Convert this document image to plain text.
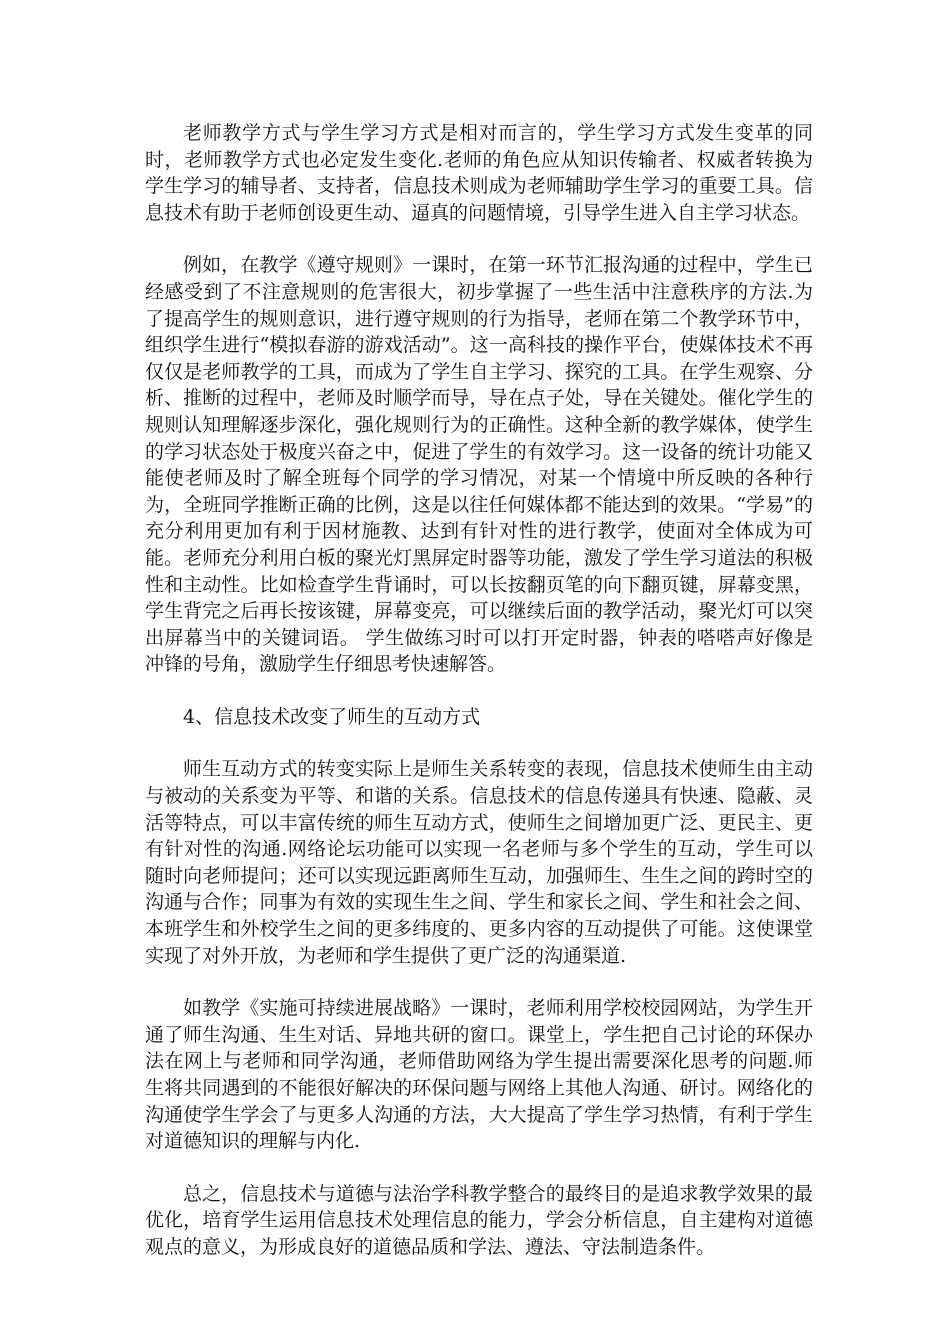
老师教学方式与学生学习方式是相对而言的，学生学习方式发生变革的同时，老师教学方式也必定发生变化.老师的角色应从知识传输者、权威者转换为学生学习的辅导者、支持者，信息技术则成为老师辅助学生学习的重要工具。信息技术有助于老师创设更生动、逼真的问题情境，引导学生进入自主学习状态。

例如，在教学《遵守规则》一课时，在第一环节汇报沟通的过程中，学生已经感受到了不注意规则的危害很大，初步掌握了一些生活中注意秩序的方法.为了提高学生的规则意识，进行遵守规则的行为指导，老师在第二个教学环节中，组织学生进行“模拟春游的游戏活动”。这一高科技的操作平台，使媒体技术不再仅仅是老师教学的工具，而成为了学生自主学习、探究的工具。在学生观察、分析、推断的过程中，老师及时顺学而导，导在点子处，导在关键处。催化学生的规则认知理解逐步深化，强化规则行为的正确性。这种全新的教学媒体，使学生的学习状态处于极度兴奋之中，促进了学生的有效学习。这一设备的统计功能又能使老师及时了解全班每个同学的学习情况，对某一个情境中所反映的各种行为，全班同学推断正确的比例，这是以往任何媒体都不能达到的效果。“学易”的充分利用更加有利于因材施教、达到有针对性的进行教学，使面对全体成为可能。老师充分利用白板的聚光灯黑屏定时器等功能，激发了学生学习道法的积极性和主动性。比如检查学生背诵时，可以长按翻页笔的向下翻页键，屏幕变黑，学生背完之后再长按该键，屏幕变亮，可以继续后面的教学活动，聚光灯可以突出屏幕当中的关键词语。 学生做练习时可以打开定时器，钟表的嗒嗒声好像是冲锋的号角，激励学生仔细思考快速解答。

4、信息技术改变了师生的互动方式

师生互动方式的转变实际上是师生关系转变的表现，信息技术使师生由主动与被动的关系变为平等、和谐的关系。信息技术的信息传递具有快速、隐蔽、灵活等特点，可以丰富传统的师生互动方式，使师生之间增加更广泛、更民主、更有针对性的沟通.网络论坛功能可以实现一名老师与多个学生的互动，学生可以随时向老师提问；还可以实现远距离师生互动，加强师生、生生之间的跨时空的沟通与合作；同事为有效的实现生生之间、学生和家长之间、学生和社会之间、本班学生和外校学生之间的更多纬度的、更多内容的互动提供了可能。这使课堂实现了对外开放，为老师和学生提供了更广泛的沟通渠道.

如教学《实施可持续进展战略》一课时，老师利用学校校园网站，为学生开通了师生沟通、生生对话、异地共研的窗口。课堂上，学生把自己讨论的环保办法在网上与老师和同学沟通，老师借助网络为学生提出需要深化思考的问题.师生将共同遇到的不能很好解决的环保问题与网络上其他人沟通、研讨。网络化的沟通使学生学会了与更多人沟通的方法，大大提高了学生学习热情，有利于学生对道德知识的理解与内化.

总之，信息技术与道德与法治学科教学整合的最终目的是追求教学效果的最优化，培育学生运用信息技术处理信息的能力，学会分析信息，自主建构对道德观点的意义，为形成良好的道德品质和学法、遵法、守法制造条件。
